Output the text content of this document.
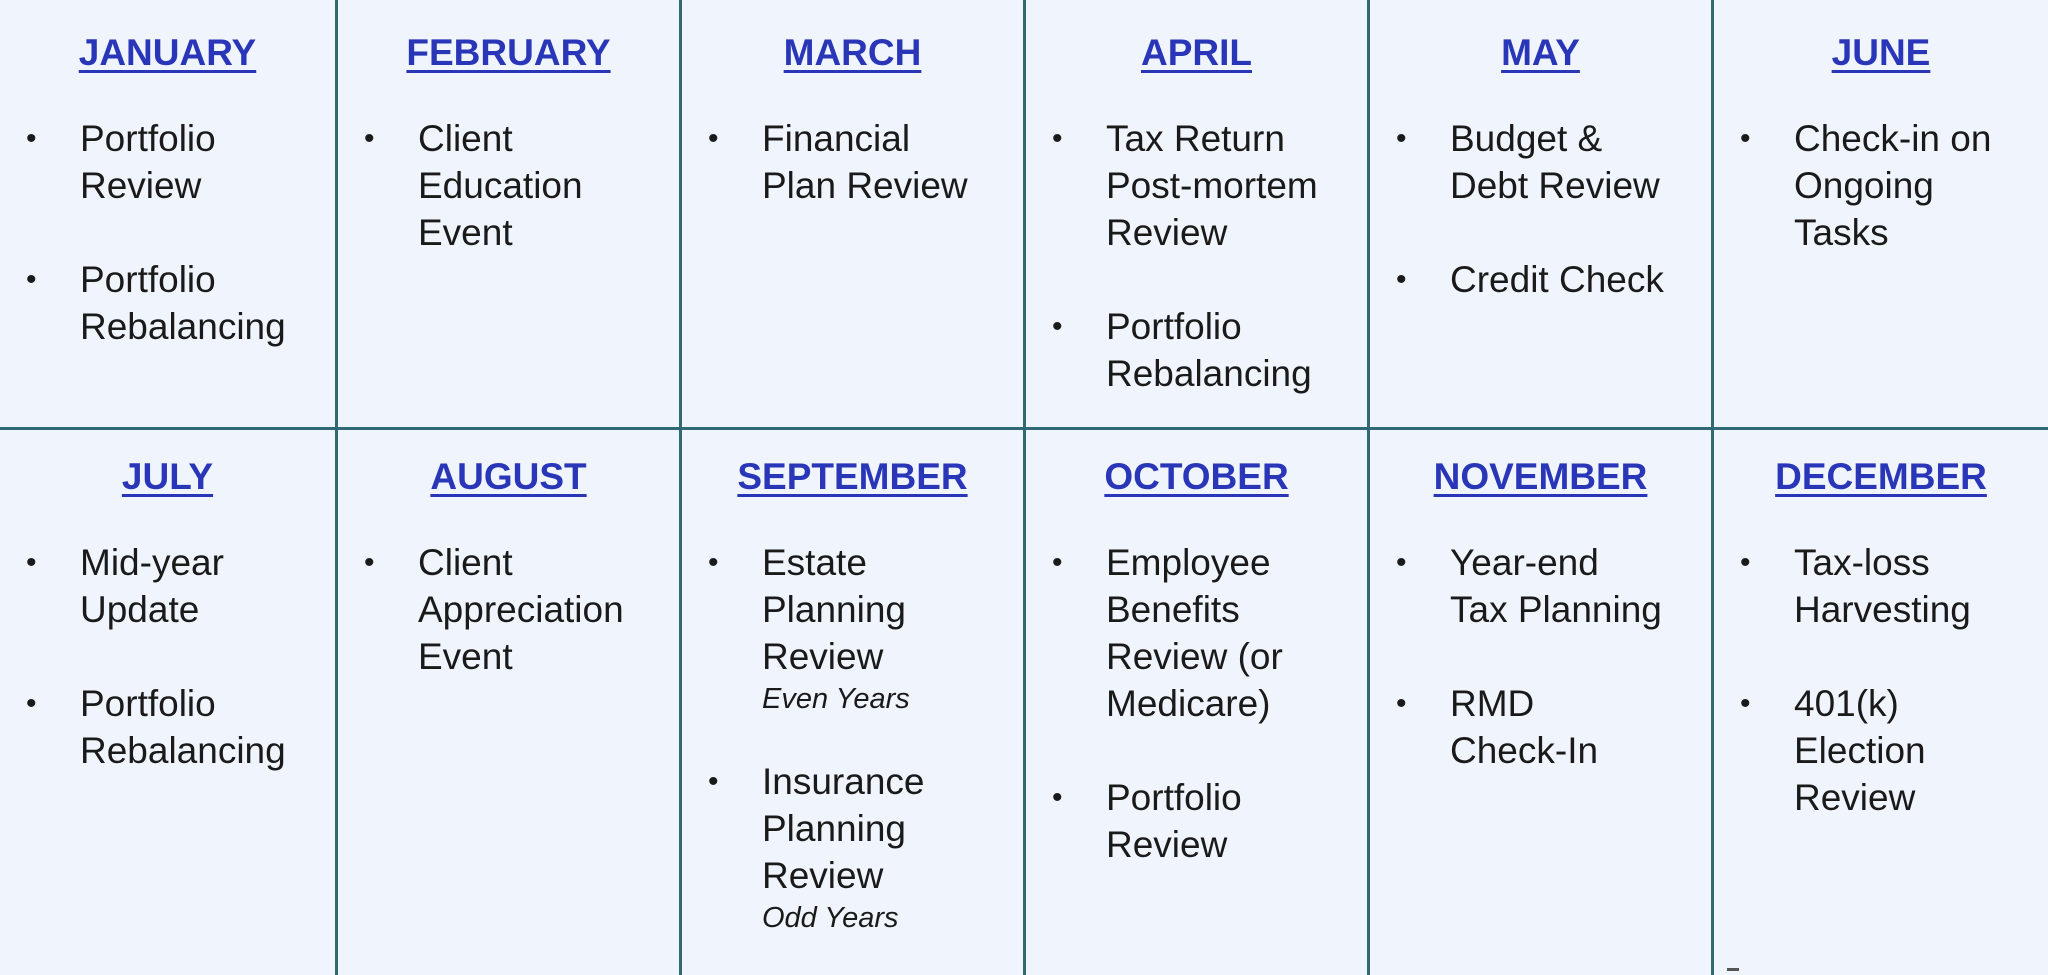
JANUARY
• Portfolio
Review
• Portfolio
Rebalancing
FEBRUARY
• Client
Education
Event
MARCH
• Financial
Plan Review
APRIL
• Tax Return
Post-mortem
Review
• Portfolio
Rebalancing
MAY
• Budget &
Debt Review
• Credit Check
JUNE
• Check-in on
Ongoing
Tasks
JULY
• Mid-year
Update
• Portfolio
Rebalancing
AUGUST
• Client
Appreciation
Event
SEPTEMBER
• Estate
Planning
Review
Even Years
• Insurance
Planning
Review
Odd Years
OCTOBER
• Employee
Benefits
Review (or
Medicare)
• Portfolio
Review
NOVEMBER
• Year-end
Tax Planning
• RMD
Check-In
DECEMBER
• Tax-loss
Harvesting
• 401(k)
Election
Review
